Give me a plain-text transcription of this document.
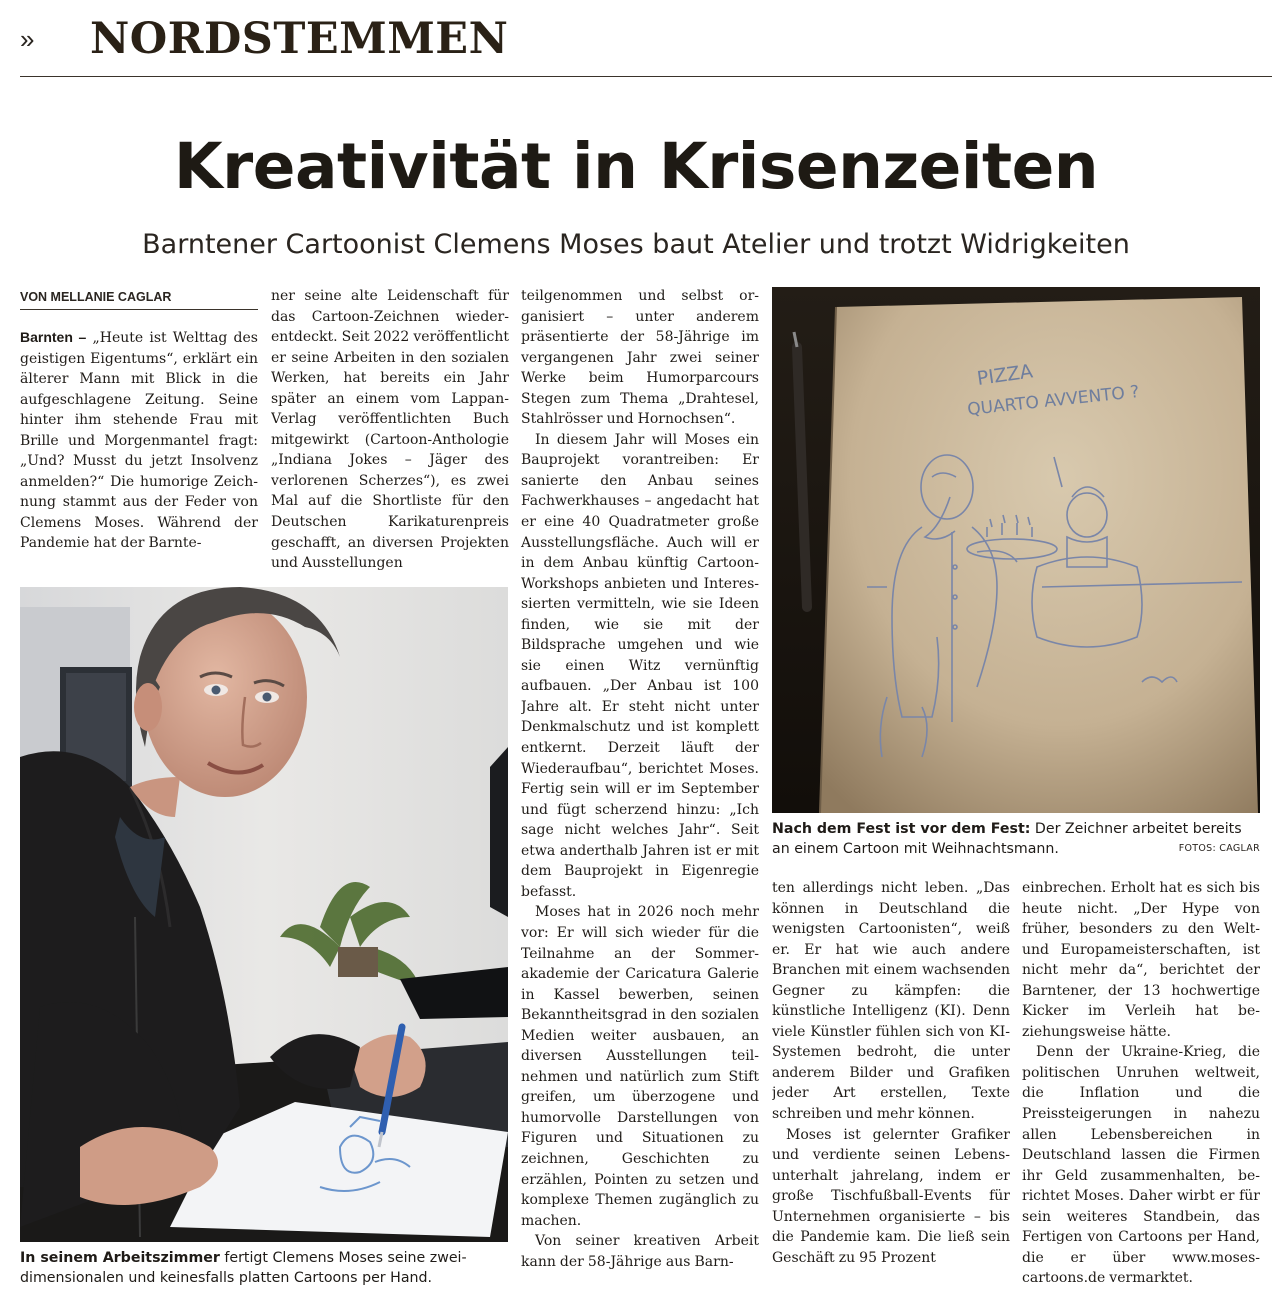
» NORDSTEMMEN
Kreativität in Krisenzeiten
Barntener Cartoonist Clemens Moses baut Atelier und trotzt Widrigkeiten
VON MELLANIE CAGLAR

Barnten – „Heute ist Welttag des geistigen Eigentums“, erklärt ein älterer Mann mit Blick in die aufgeschlagene Zeitung. Seine hinter ihm stehende Frau mit Brille und Morgenmantel fragt: „Und? Musst du jetzt Insolvenz anmelden?“ Die humorige Zeichnung stammt aus der Feder von Clemens Moses. Während der Pandemie hat der Barnte-

ner seine alte Leidenschaft für das Cartoon-Zeichnen wiederentdeckt. Seit 2022 veröffentlicht er seine Arbeiten in den sozialen Werken, hat bereits ein Jahr später an einem vom Lappan-Verlag veröffentlichten Buch mitgewirkt (Cartoon-Anthologie „Indiana Jokes – Jäger des verlorenen Scherzes“), es zwei Mal auf die Shortliste für den Deutschen Karikaturenpreis geschafft, an diversen Projekten und Ausstellungen

teilgenommen und selbst organisiert – unter anderem präsentierte der 58-Jährige im vergangenen Jahr zwei seiner Werke beim Humorparcours Stegen zum Thema „Drahtesel, Stahlrösser und Hornochsen“.

In diesem Jahr will Moses ein Bauprojekt vorantreiben: Er sanierte den Anbau seines Fachwerkhauses – angedacht hat er eine 40 Quadratmeter große Ausstellungsfläche. Auch will er in dem Anbau künftig Cartoon-Workshops anbieten und Interessierten vermitteln, wie sie Ideen finden, wie sie mit der Bildsprache umgehen und wie sie einen Witz vernünftig aufbauen. „Der Anbau ist 100 Jahre alt. Er steht nicht unter Denkmalschutz und ist komplett entkernt. Derzeit läuft der Wiederaufbau“, berichtet Moses. Fertig sein will er im September und fügt scherzend hinzu: „Ich sage nicht welches Jahr“. Seit etwa anderthalb Jahren ist er mit dem Bauprojekt in Eigenregie befasst.

Moses hat in 2026 noch mehr vor: Er will sich wieder für die Teilnahme an der Sommerakademie der Caricatura Galerie in Kassel bewerben, seinen Bekanntheitsgrad in den sozialen Medien weiter ausbauen, an diversen Ausstellungen teilnehmen und natürlich zum Stift greifen, um überzogene und humorvolle Darstellungen von Figuren und Situationen zu zeichnen, Geschichten zu erzählen, Pointen zu setzen und komplexe Themen zugänglich zu machen.

Von seiner kreativen Arbeit kann der 58-Jährige aus Barn-

ten allerdings nicht leben. „Das können in Deutschland die wenigsten Cartoonisten“, weiß er. Er hat wie auch andere Branchen mit einem wachsenden Gegner zu kämpfen: die künstliche Intelligenz (KI). Denn viele Künstler fühlen sich von KI-Systemen bedroht, die unter anderem Bilder und Grafiken jeder Art erstellen, Texte schreiben und mehr können.

Moses ist gelernter Grafiker und verdiente seinen Lebensunterhalt jahrelang, indem er große Tischfußball-Events für Unternehmen organisierte – bis die Pandemie kam. Die ließ sein Geschäft zu 95 Prozent

einbrechen. Erholt hat es sich bis heute nicht. „Der Hype von früher, besonders zu den Welt- und Europameisterschaften, ist nicht mehr da“, berichtet der Barntener, der 13 hochwertige Kicker im Verleih hat beziehungsweise hätte.

Denn der Ukraine-Krieg, die politischen Unruhen weltweit, die Inflation und die Preissteigerungen in nahezu allen Lebensbereichen in Deutschland lassen die Firmen ihr Geld zusammenhalten, berichtet Moses. Daher wirbt er für sein weiteres Standbein, das Fertigen von Cartoons per Hand, die er über www.mosescartoons.de vermarktet.

PIZZA
QUARTO AVVENTO ?
In seinem Arbeitszimmer fertigt Clemens Moses seine zweidimensionalen und keinesfalls platten Cartoons per Hand.
Nach dem Fest ist vor dem Fest: Der Zeichner arbeitet bereits an einem Cartoon mit Weihnachtsmann.	FOTOS: CAGLAR
